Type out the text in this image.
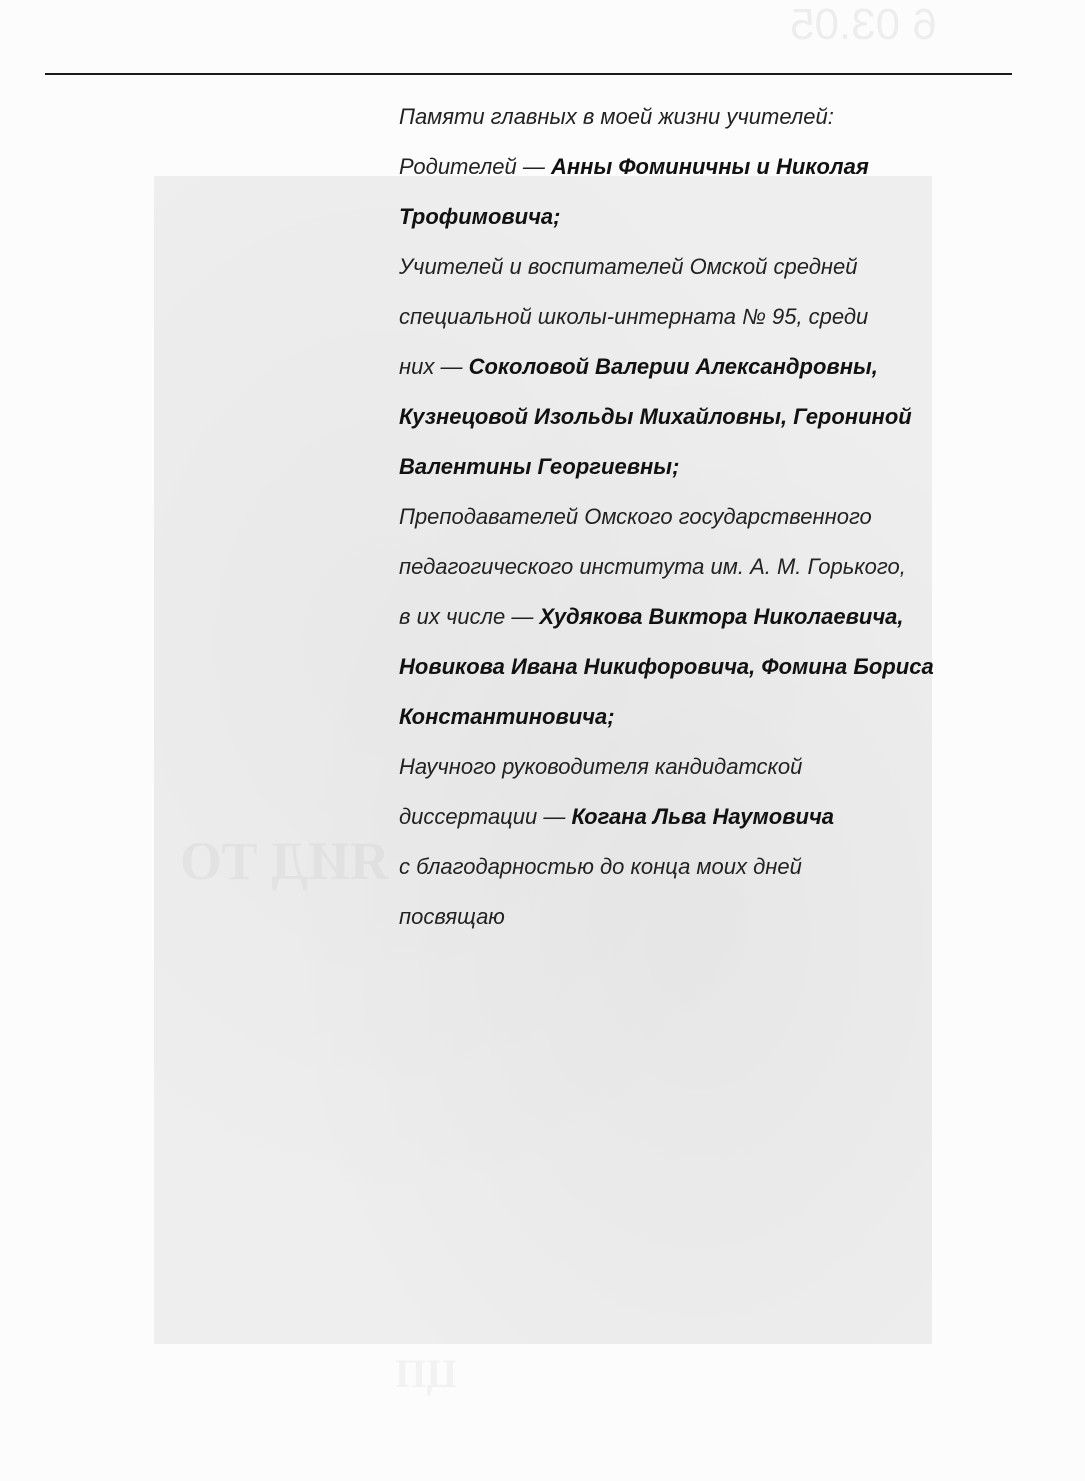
6 03.05
Памяти главных в моей жизни учителей:
Родителей — Анны Фоминичны и Николая
Трофимовича;
Учителей и воспитателей Омской средней
специальной школы-интерната № 95, среди
них — Соколовой Валерии Александровны,
Кузнецовой Изольды Михайловны, Герониной
Валентины Георгиевны;
Преподавателей Омского государственного
педагогического института им. А. М. Горького,
в их числе — Худякова Виктора Николаевича,
Новикова Ивана Никифоровича, Фомина Бориса
Константиновича;
Научного руководителя кандидатской
диссертации — Когана Льва Наумовича
с благодарностью до конца моих дней
посвящаю
